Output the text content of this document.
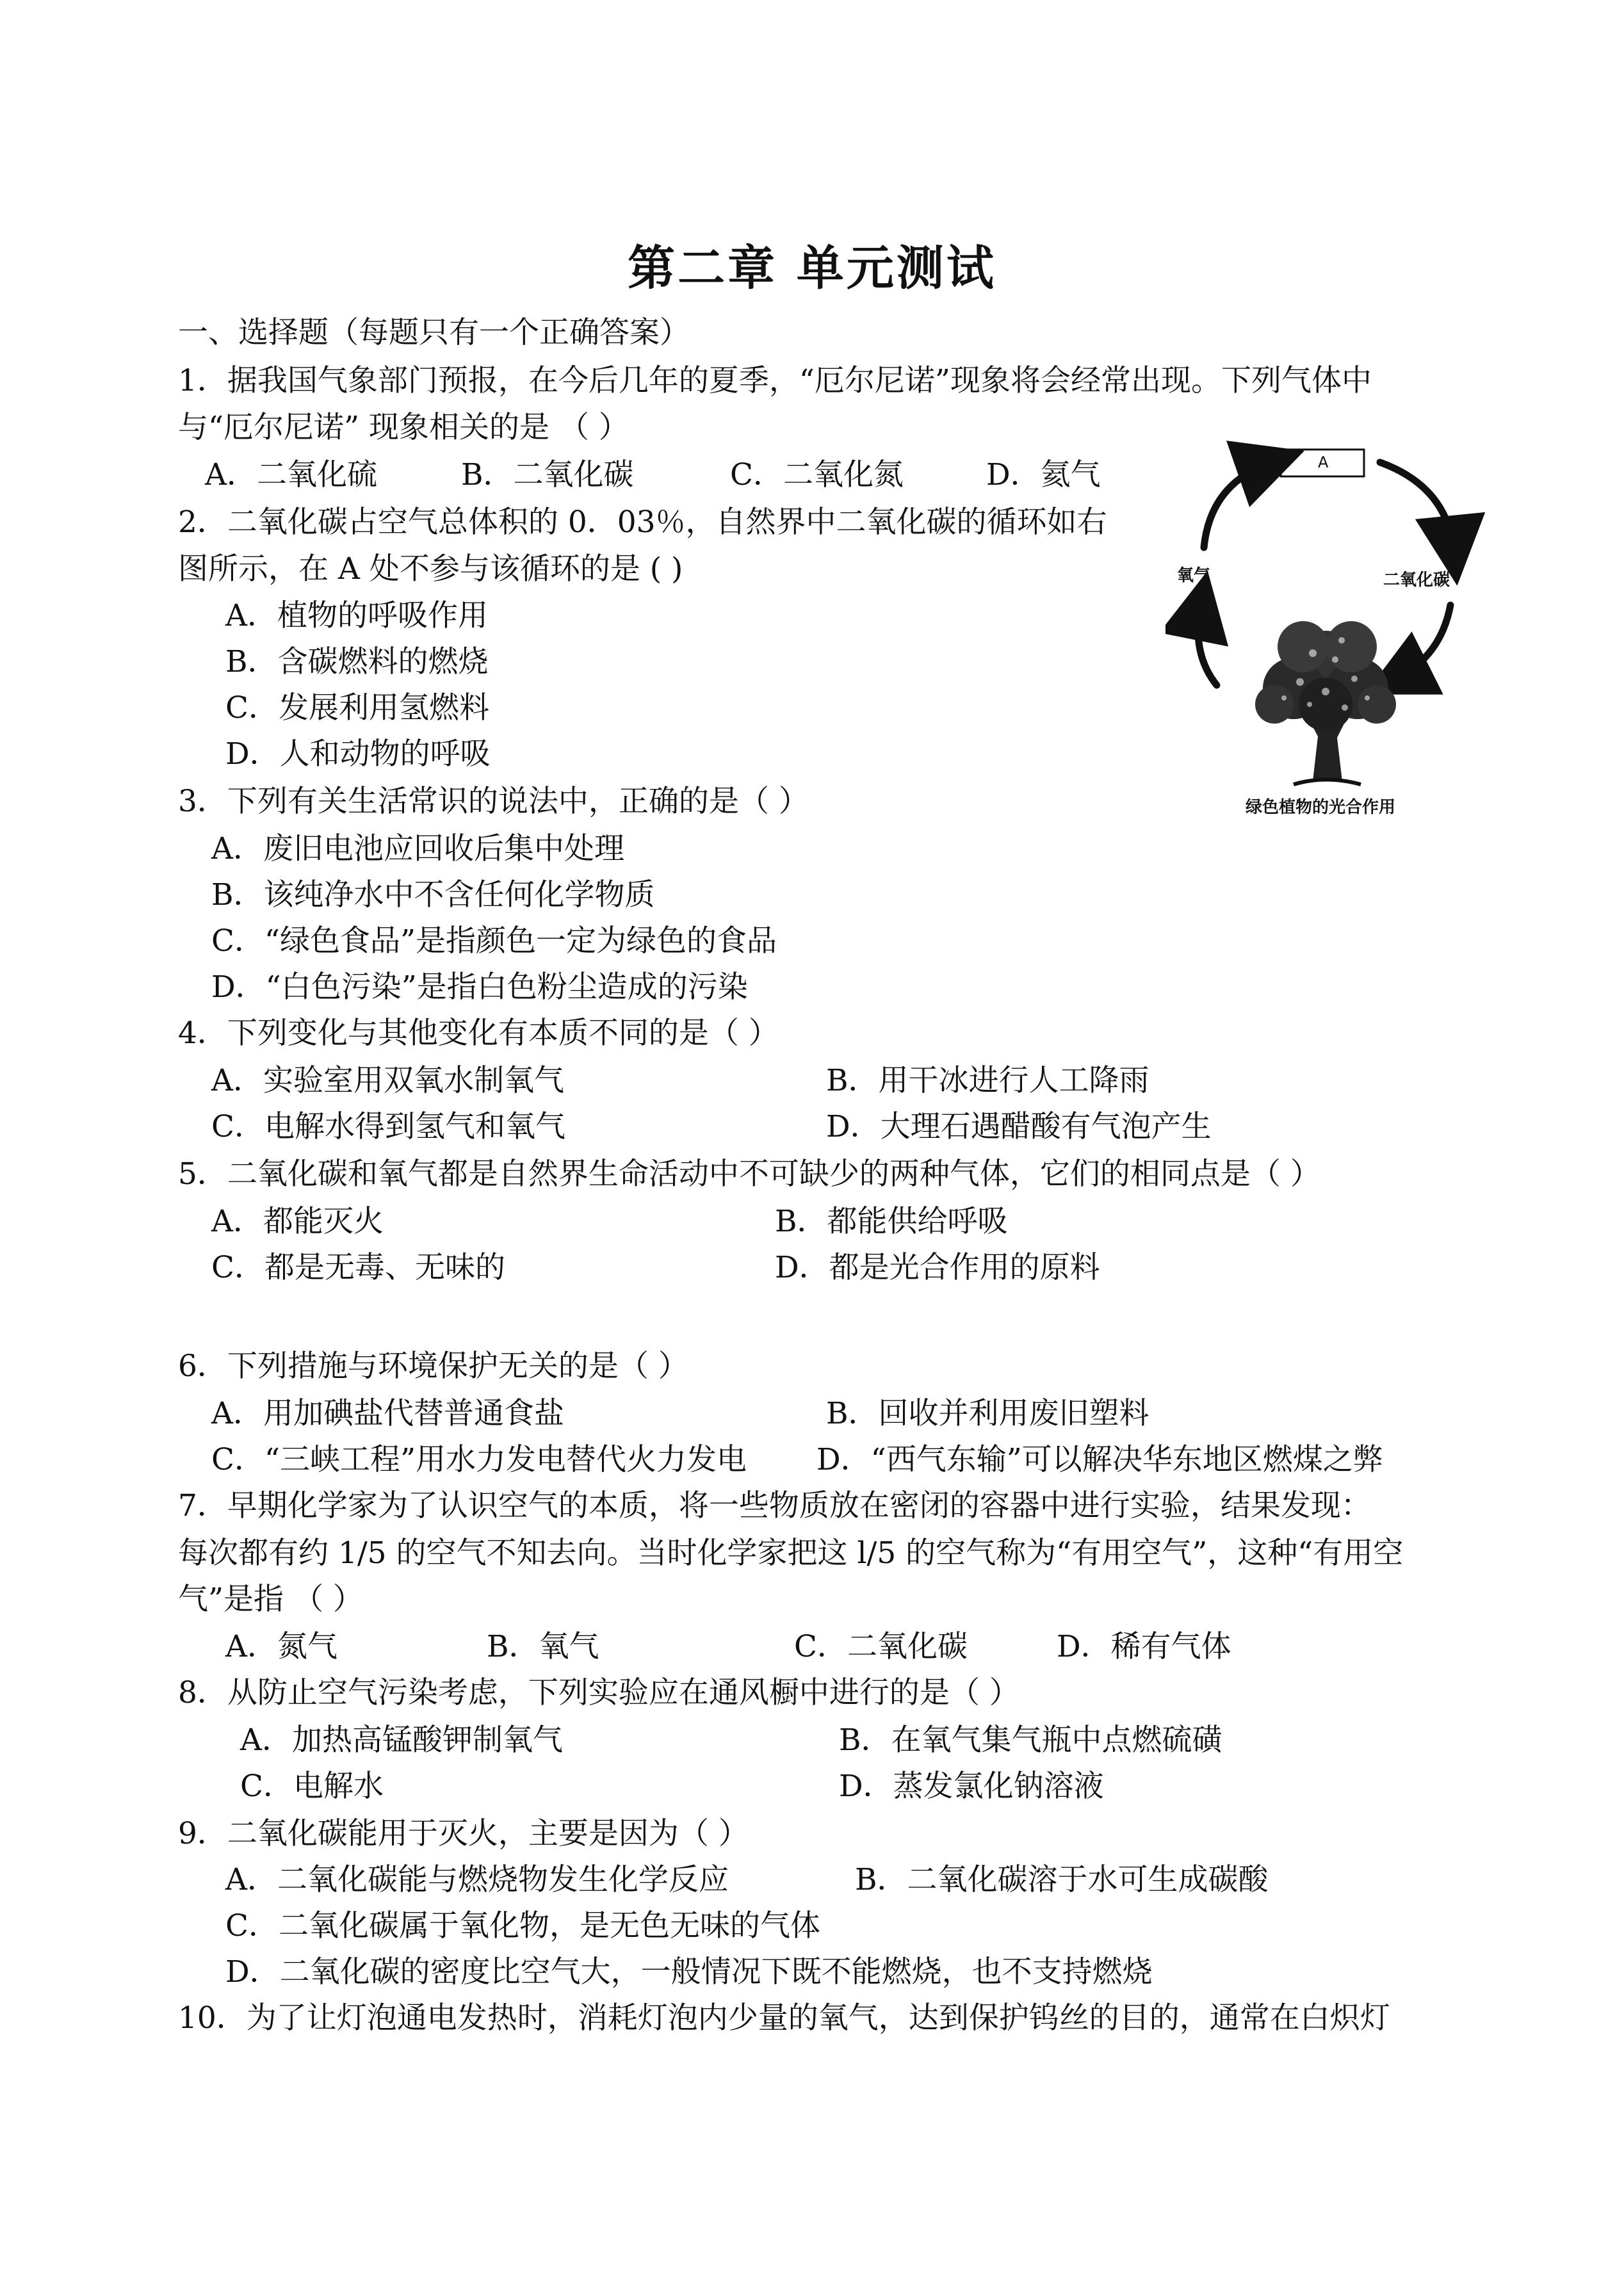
第二章 单元测试
一、选择题（每题只有一个正确答案）
1．据我国气象部门预报，在今后几年的夏季，“厄尔尼诺”现象将会经常出现。下列气体中
与“厄尔尼诺” 现象相关的是 （ ）
A．二氧化硫	B．二氧化碳	C．二氧化氮	D．氦气
2．二氧化碳占空气总体积的 0．03％，自然界中二氧化碳的循环如右
图所示，在 A 处不参与该循环的是 ( )
A．植物的呼吸作用
B．含碳燃料的燃烧
C．发展利用氢燃料
D．人和动物的呼吸
A
氧气	二氧化碳
绿色植物的光合作用
3．下列有关生活常识的说法中，正确的是（ ）
A．废旧电池应回收后集中处理
B．该纯净水中不含任何化学物质
C．“绿色食品”是指颜色一定为绿色的食品
D．“白色污染”是指白色粉尘造成的污染
4．下列变化与其他变化有本质不同的是（ ）
A．实验室用双氧水制氧气	B．用干冰进行人工降雨
C．电解水得到氢气和氧气	D．大理石遇醋酸有气泡产生
5．二氧化碳和氧气都是自然界生命活动中不可缺少的两种气体，它们的相同点是（ ）
A．都能灭火	B．都能供给呼吸
C．都是无毒、无味的	D．都是光合作用的原料
6．下列措施与环境保护无关的是（ ）
A．用加碘盐代替普通食盐	B．回收并利用废旧塑料
C．“三峡工程”用水力发电替代火力发电 D．“西气东输”可以解决华东地区燃煤之弊
7．早期化学家为了认识空气的本质，将一些物质放在密闭的容器中进行实验，结果发现：
每次都有约 1/5 的空气不知去向。当时化学家把这 l/5 的空气称为“有用空气”，这种“有用空
气”是指 （ ）
A．氮气	B．氧气	C．二氧化碳	D．稀有气体
8．从防止空气污染考虑，下列实验应在通风橱中进行的是（ ）
A．加热高锰酸钾制氧气	B．在氧气集气瓶中点燃硫磺
C．电解水	D．蒸发氯化钠溶液
9．二氧化碳能用于灭火，主要是因为（ ）
A．二氧化碳能与燃烧物发生化学反应	B．二氧化碳溶于水可生成碳酸
C．二氧化碳属于氧化物，是无色无味的气体
D．二氧化碳的密度比空气大，一般情况下既不能燃烧，也不支持燃烧
10．为了让灯泡通电发热时，消耗灯泡内少量的氧气，达到保护钨丝的目的，通常在白炽灯
